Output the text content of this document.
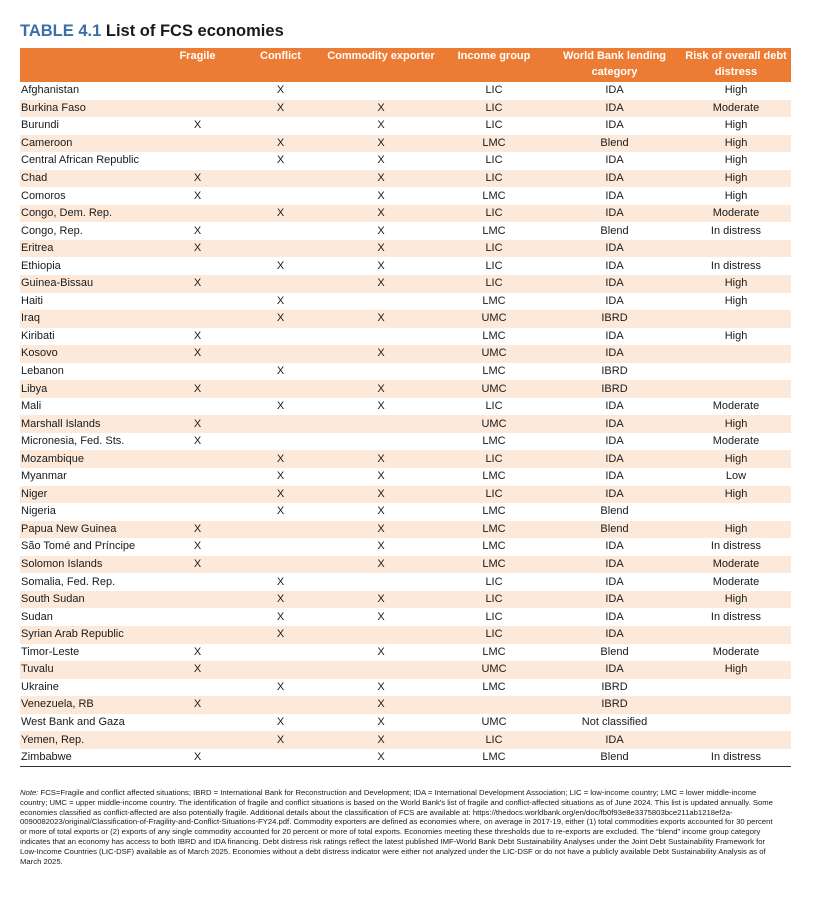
TABLE 4.1 List of FCS economies
	Fragile	Conflict	Commodity exporter	Income group	World Bank lending category	Risk of overall debt distress
Afghanistan		X		LIC	IDA	High
Burkina Faso		X	X	LIC	IDA	Moderate
Burundi	X		X	LIC	IDA	High
Cameroon		X	X	LMC	Blend	High
Central African Republic		X	X	LIC	IDA	High
Chad	X		X	LIC	IDA	High
Comoros	X		X	LMC	IDA	High
Congo, Dem. Rep.		X	X	LIC	IDA	Moderate
Congo, Rep.	X		X	LMC	Blend	In distress
Eritrea	X		X	LIC	IDA	
Ethiopia		X	X	LIC	IDA	In distress
Guinea-Bissau	X		X	LIC	IDA	High
Haiti		X		LMC	IDA	High
Iraq		X	X	UMC	IBRD	
Kiribati	X			LMC	IDA	High
Kosovo	X		X	UMC	IDA	
Lebanon		X		LMC	IBRD	
Libya	X		X	UMC	IBRD	
Mali		X	X	LIC	IDA	Moderate
Marshall Islands	X			UMC	IDA	High
Micronesia, Fed. Sts.	X			LMC	IDA	Moderate
Mozambique		X	X	LIC	IDA	High
Myanmar		X	X	LMC	IDA	Low
Niger		X	X	LIC	IDA	High
Nigeria		X	X	LMC	Blend	
Papua New Guinea	X		X	LMC	Blend	High
São Tomé and Príncipe	X		X	LMC	IDA	In distress
Solomon Islands	X		X	LMC	IDA	Moderate
Somalia, Fed. Rep.		X		LIC	IDA	Moderate
South Sudan		X	X	LIC	IDA	High
Sudan		X	X	LIC	IDA	In distress
Syrian Arab Republic		X		LIC	IDA	
Timor-Leste	X		X	LMC	Blend	Moderate
Tuvalu	X			UMC	IDA	High
Ukraine		X	X	LMC	IBRD	
Venezuela, RB	X		X		IBRD	
West Bank and Gaza		X	X	UMC	Not classified	
Yemen, Rep.		X	X	LIC	IDA	
Zimbabwe	X		X	LMC	Blend	In distress
Note: FCS=Fragile and conflict affected situations; IBRD = International Bank for Reconstruction and Development; IDA = International Development Association; LIC = low-income country; LMC = lower middle-income country; UMC = upper middle-income country. The identification of fragile and conflict situations is based on the World Bank's list of fragile and conflict-affected situations as of June 2024. This list is updated annually. Some economies classified as conflict-affected are also potentially fragile. Additional details about the classification of FCS are available at: https://thedocs.worldbank.org/en/doc/fb0f93e8e3375803bce211ab1218ef2a-0090082023/original/Classification-of-Fragility-and-Conflict-Situations-FY24.pdf. Commodity exporters are defined as economies where, on average in 2017-19, either (1) total commodities exports accounted for 30 percent or more of total exports or (2) exports of any single commodity accounted for 20 percent or more of total exports. Economies meeting these thresholds due to re-exports are excluded. The “blend” income group category indicates that an economy has access to both IBRD and IDA financing. Debt distress risk ratings reflect the latest published IMF-World Bank Debt Sustainability Analyses under the Joint Debt Sustainability Framework for Low-Income Countries (LIC-DSF) available as of March 2025. Economies without a debt distress indicator were either not analyzed under the LIC-DSF or do not have a publicly available Debt Sustainability Analysis as of March 2025.
